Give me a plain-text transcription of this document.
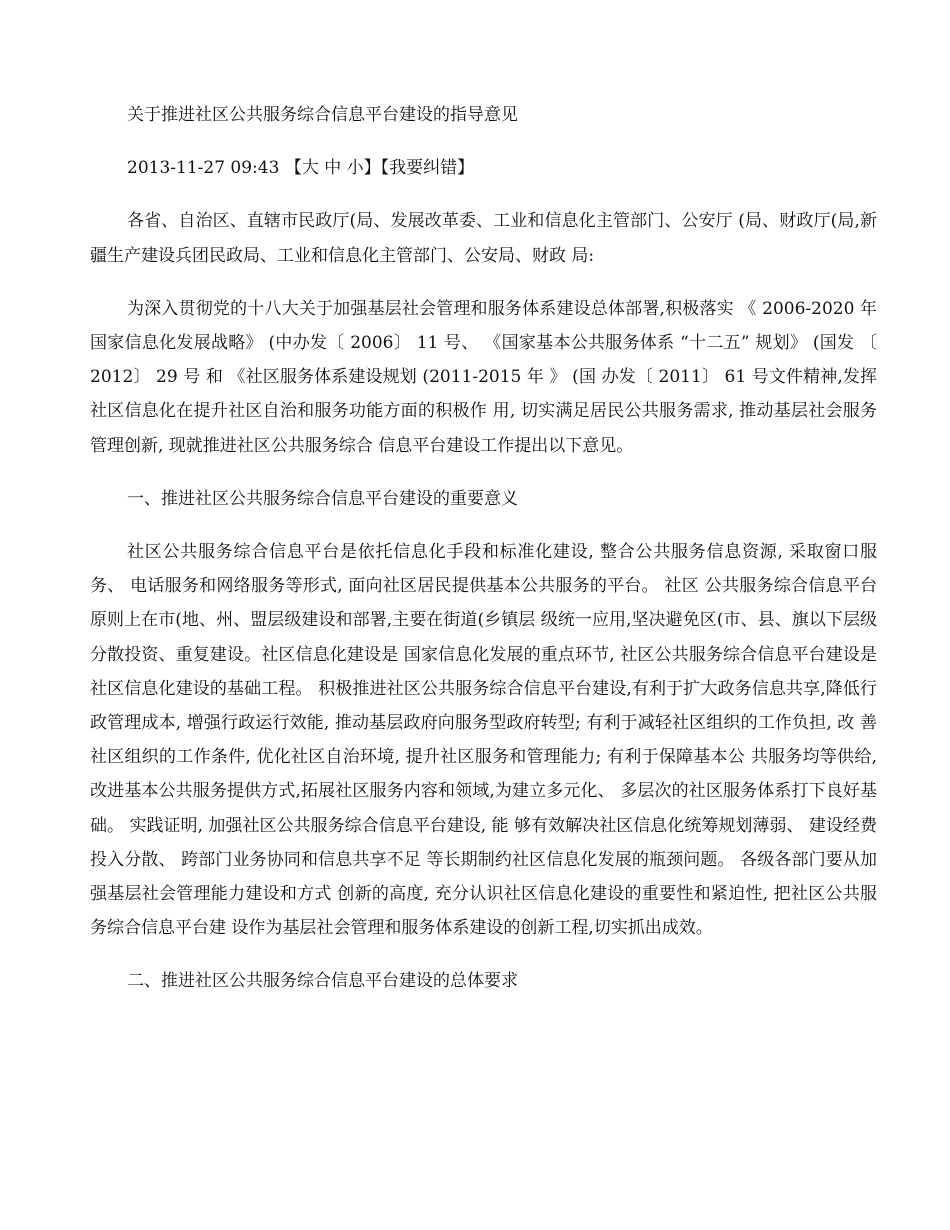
关于推进社区公共服务综合信息平台建设的指导意见

2013-11-27 09:43 【大 中 小】【我要纠错】

各省、自治区、直辖市民政厅(局、发展改革委、工业和信息化主管部门、公安厅 (局、财政厅(局,新疆生产建设兵团民政局、工业和信息化主管部门、公安局、财政 局:

为深入贯彻党的十八大关于加强基层社会管理和服务体系建设总体部署,积极落实 《 2006-2020 年国家信息化发展战略》 (中办发〔 2006〕 11 号、 《国家基本公共服务体系 “十二五” 规划》 (国发 〔 2012〕 29 号 和 《社区服务体系建设规划 (2011-2015 年 》 (国 办发〔 2011〕 61 号文件精神,发挥社区信息化在提升社区自治和服务功能方面的积极作 用, 切实满足居民公共服务需求, 推动基层社会服务管理创新, 现就推进社区公共服务综合 信息平台建设工作提出以下意见。

一、推进社区公共服务综合信息平台建设的重要意义

社区公共服务综合信息平台是依托信息化手段和标准化建设, 整合公共服务信息资源, 采取窗口服务、 电话服务和网络服务等形式, 面向社区居民提供基本公共服务的平台。 社区 公共服务综合信息平台原则上在市(地、州、盟层级建设和部署,主要在街道(乡镇层 级统一应用,坚决避免区(市、县、旗以下层级分散投资、重复建设。社区信息化建设是 国家信息化发展的重点环节, 社区公共服务综合信息平台建设是社区信息化建设的基础工程。 积极推进社区公共服务综合信息平台建设,有利于扩大政务信息共享,降低行政管理成本, 增强行政运行效能, 推动基层政府向服务型政府转型; 有利于减轻社区组织的工作负担, 改 善社区组织的工作条件, 优化社区自治环境, 提升社区服务和管理能力; 有利于保障基本公 共服务均等供给,改进基本公共服务提供方式,拓展社区服务内容和领域,为建立多元化、 多层次的社区服务体系打下良好基础。 实践证明, 加强社区公共服务综合信息平台建设, 能 够有效解决社区信息化统筹规划薄弱、 建设经费投入分散、 跨部门业务协同和信息共享不足 等长期制约社区信息化发展的瓶颈问题。 各级各部门要从加强基层社会管理能力建设和方式 创新的高度, 充分认识社区信息化建设的重要性和紧迫性, 把社区公共服务综合信息平台建 设作为基层社会管理和服务体系建设的创新工程,切实抓出成效。

二、推进社区公共服务综合信息平台建设的总体要求
